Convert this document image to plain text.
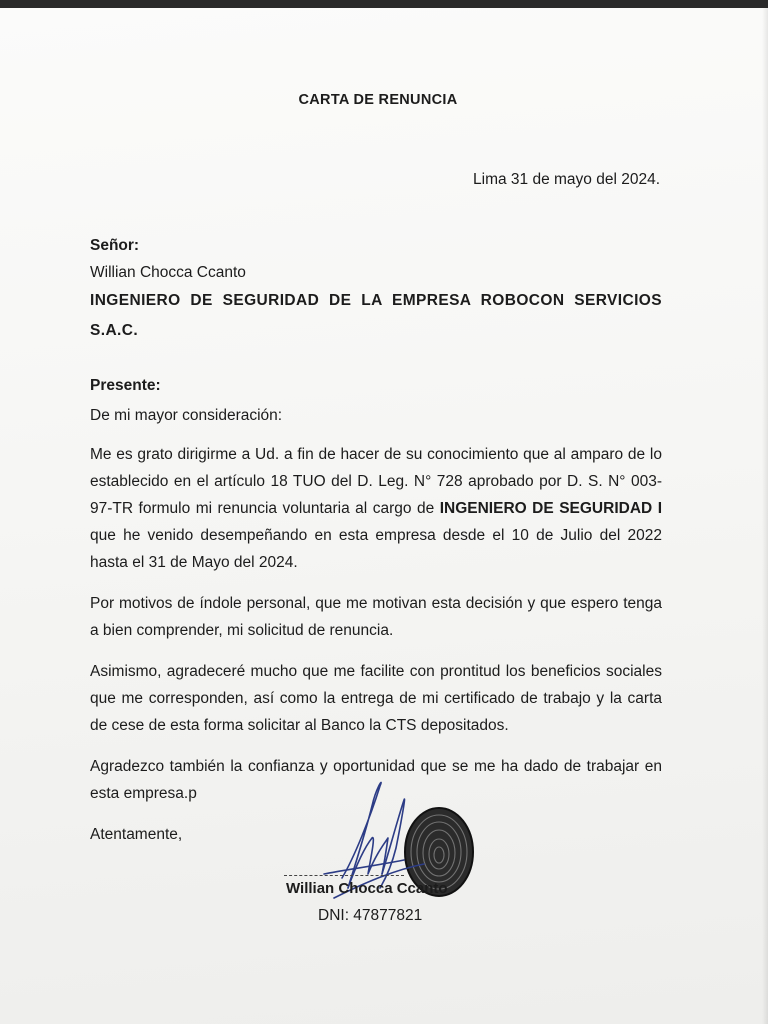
CARTA DE RENUNCIA
Lima 31 de mayo del 2024.
Señor:
Willian Chocca Ccanto
INGENIERO DE SEGURIDAD DE LA EMPRESA ROBOCON SERVICIOS
S.A.C.
Presente:
De mi mayor consideración:
Me es grato dirigirme a Ud. a fin de hacer de su conocimiento que al amparo de lo establecido en el artículo 18 TUO del D. Leg. N° 728 aprobado por D. S. N° 003-97-TR formulo mi renuncia voluntaria al cargo de INGENIERO DE SEGURIDAD I que he venido desempeñando en esta empresa desde el 10 de Julio del 2022 hasta el 31 de Mayo del 2024.
Por motivos de índole personal, que me motivan esta decisión y que espero tenga a bien comprender, mi solicitud de renuncia.
Asimismo, agradeceré mucho que me facilite con prontitud los beneficios sociales que me corresponden, así como la entrega de mi certificado de trabajo y la carta de cese de esta forma solicitar al Banco la CTS depositados.
Agradezco también la confianza y oportunidad que se me ha dado de trabajar en esta empresa.p
Atentamente,
Willian Chocca Ccanto
DNI: 47877821
